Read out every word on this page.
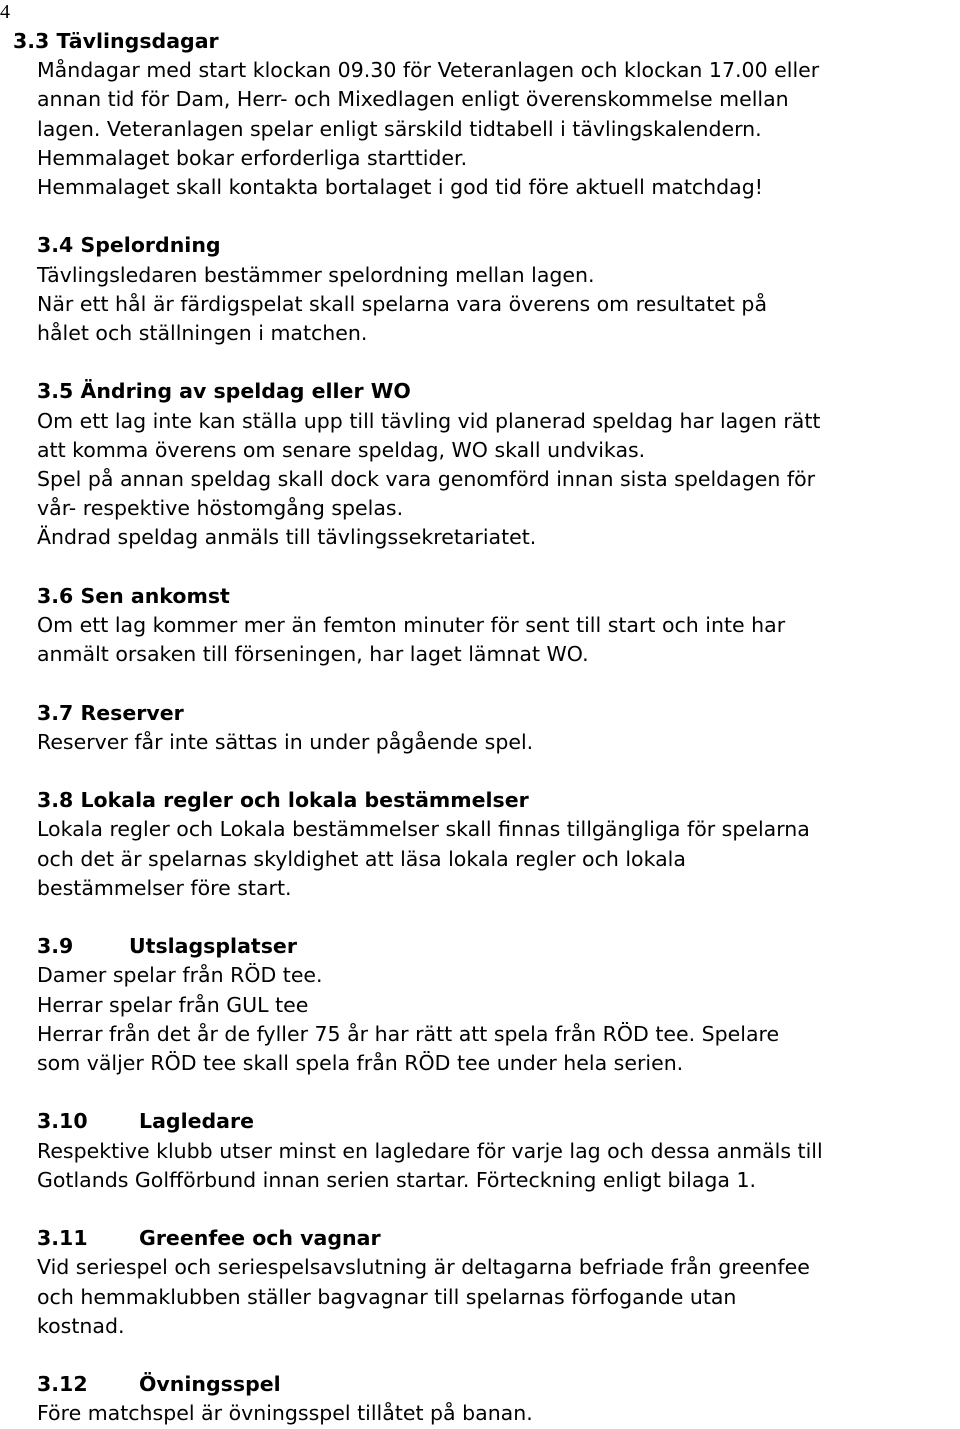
4
3.3 Tävlingsdagar
Måndagar med start klockan 09.30 för Veteranlagen och klockan 17.00 eller
annan tid för Dam, Herr- och Mixedlagen enligt överenskommelse mellan
lagen. Veteranlagen spelar enligt särskild tidtabell i tävlingskalendern.
Hemmalaget bokar erforderliga starttider.
Hemmalaget skall kontakta bortalaget i god tid före aktuell matchdag!
3.4 Spelordning
Tävlingsledaren bestämmer spelordning mellan lagen.
När ett hål är färdigspelat skall spelarna vara överens om resultatet på
hålet och ställningen i matchen.
3.5 Ändring av speldag eller WO
Om ett lag inte kan ställa upp till tävling vid planerad speldag har lagen rätt
att komma överens om senare speldag, WO skall undvikas.
Spel på annan speldag skall dock vara genomförd innan sista speldagen för
vår- respektive höstomgång spelas.
Ändrad speldag anmäls till tävlingssekretariatet.
3.6 Sen ankomst
Om ett lag kommer mer än femton minuter för sent till start och inte har
anmält orsaken till förseningen, har laget lämnat WO.
3.7 Reserver
Reserver får inte sättas in under pågående spel.
3.8 Lokala regler och lokala bestämmelser
Lokala regler och Lokala bestämmelser skall finnas tillgängliga för spelarna
och det är spelarnas skyldighet att läsa lokala regler och lokala
bestämmelser före start.
3.9	Utslagsplatser
Damer spelar från RÖD tee.
Herrar spelar från GUL tee
Herrar från det år de fyller 75 år har rätt att spela från RÖD tee. Spelare
som väljer RÖD tee skall spela från RÖD tee under hela serien.
3.10	Lagledare
Respektive klubb utser minst en lagledare för varje lag och dessa anmäls till
Gotlands Golfförbund innan serien startar. Förteckning enligt bilaga 1.
3.11	Greenfee och vagnar
Vid seriespel och seriespelsavslutning är deltagarna befriade från greenfee
och hemmaklubben ställer bagvagnar till spelarnas förfogande utan
kostnad.
3.12	Övningsspel
Före matchspel är övningsspel tillåtet på banan.
